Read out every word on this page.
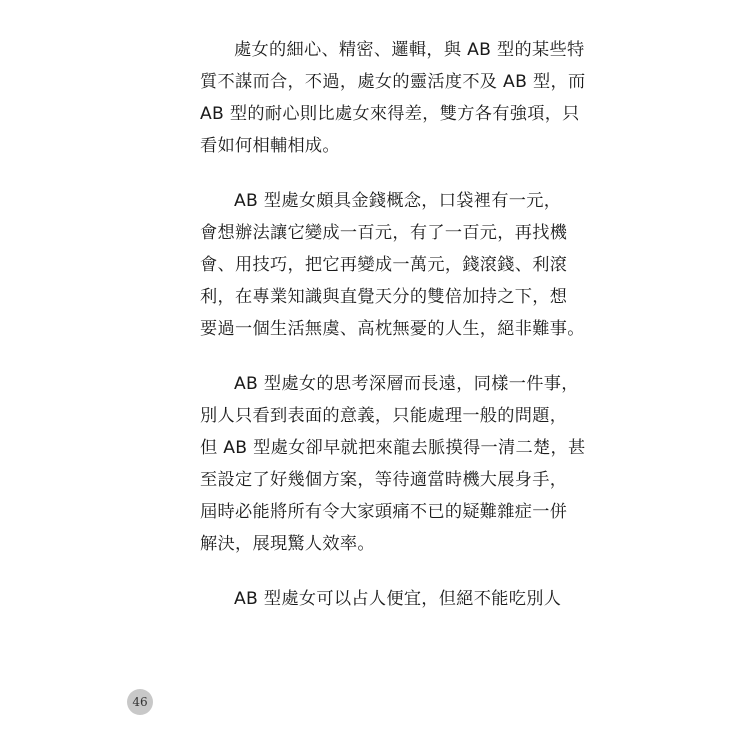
處女的細心、精密、邏輯，與 AB 型的某些特
質不謀而合，不過，處女的靈活度不及 AB 型，而
AB 型的耐心則比處女來得差，雙方各有強項，只
看如何相輔相成。

AB 型處女頗具金錢概念，口袋裡有一元，
會想辦法讓它變成一百元，有了一百元，再找機
會、用技巧，把它再變成一萬元，錢滾錢、利滾
利，在專業知識與直覺天分的雙倍加持之下，想
要過一個生活無虞、高枕無憂的人生，絕非難事。

AB 型處女的思考深層而長遠，同樣一件事，
別人只看到表面的意義，只能處理一般的問題，
但 AB 型處女卻早就把來龍去脈摸得一清二楚，甚
至設定了好幾個方案，等待適當時機大展身手，
屆時必能將所有令大家頭痛不已的疑難雜症一併
解決，展現驚人效率。

AB 型處女可以占人便宜，但絕不能吃別人

46
